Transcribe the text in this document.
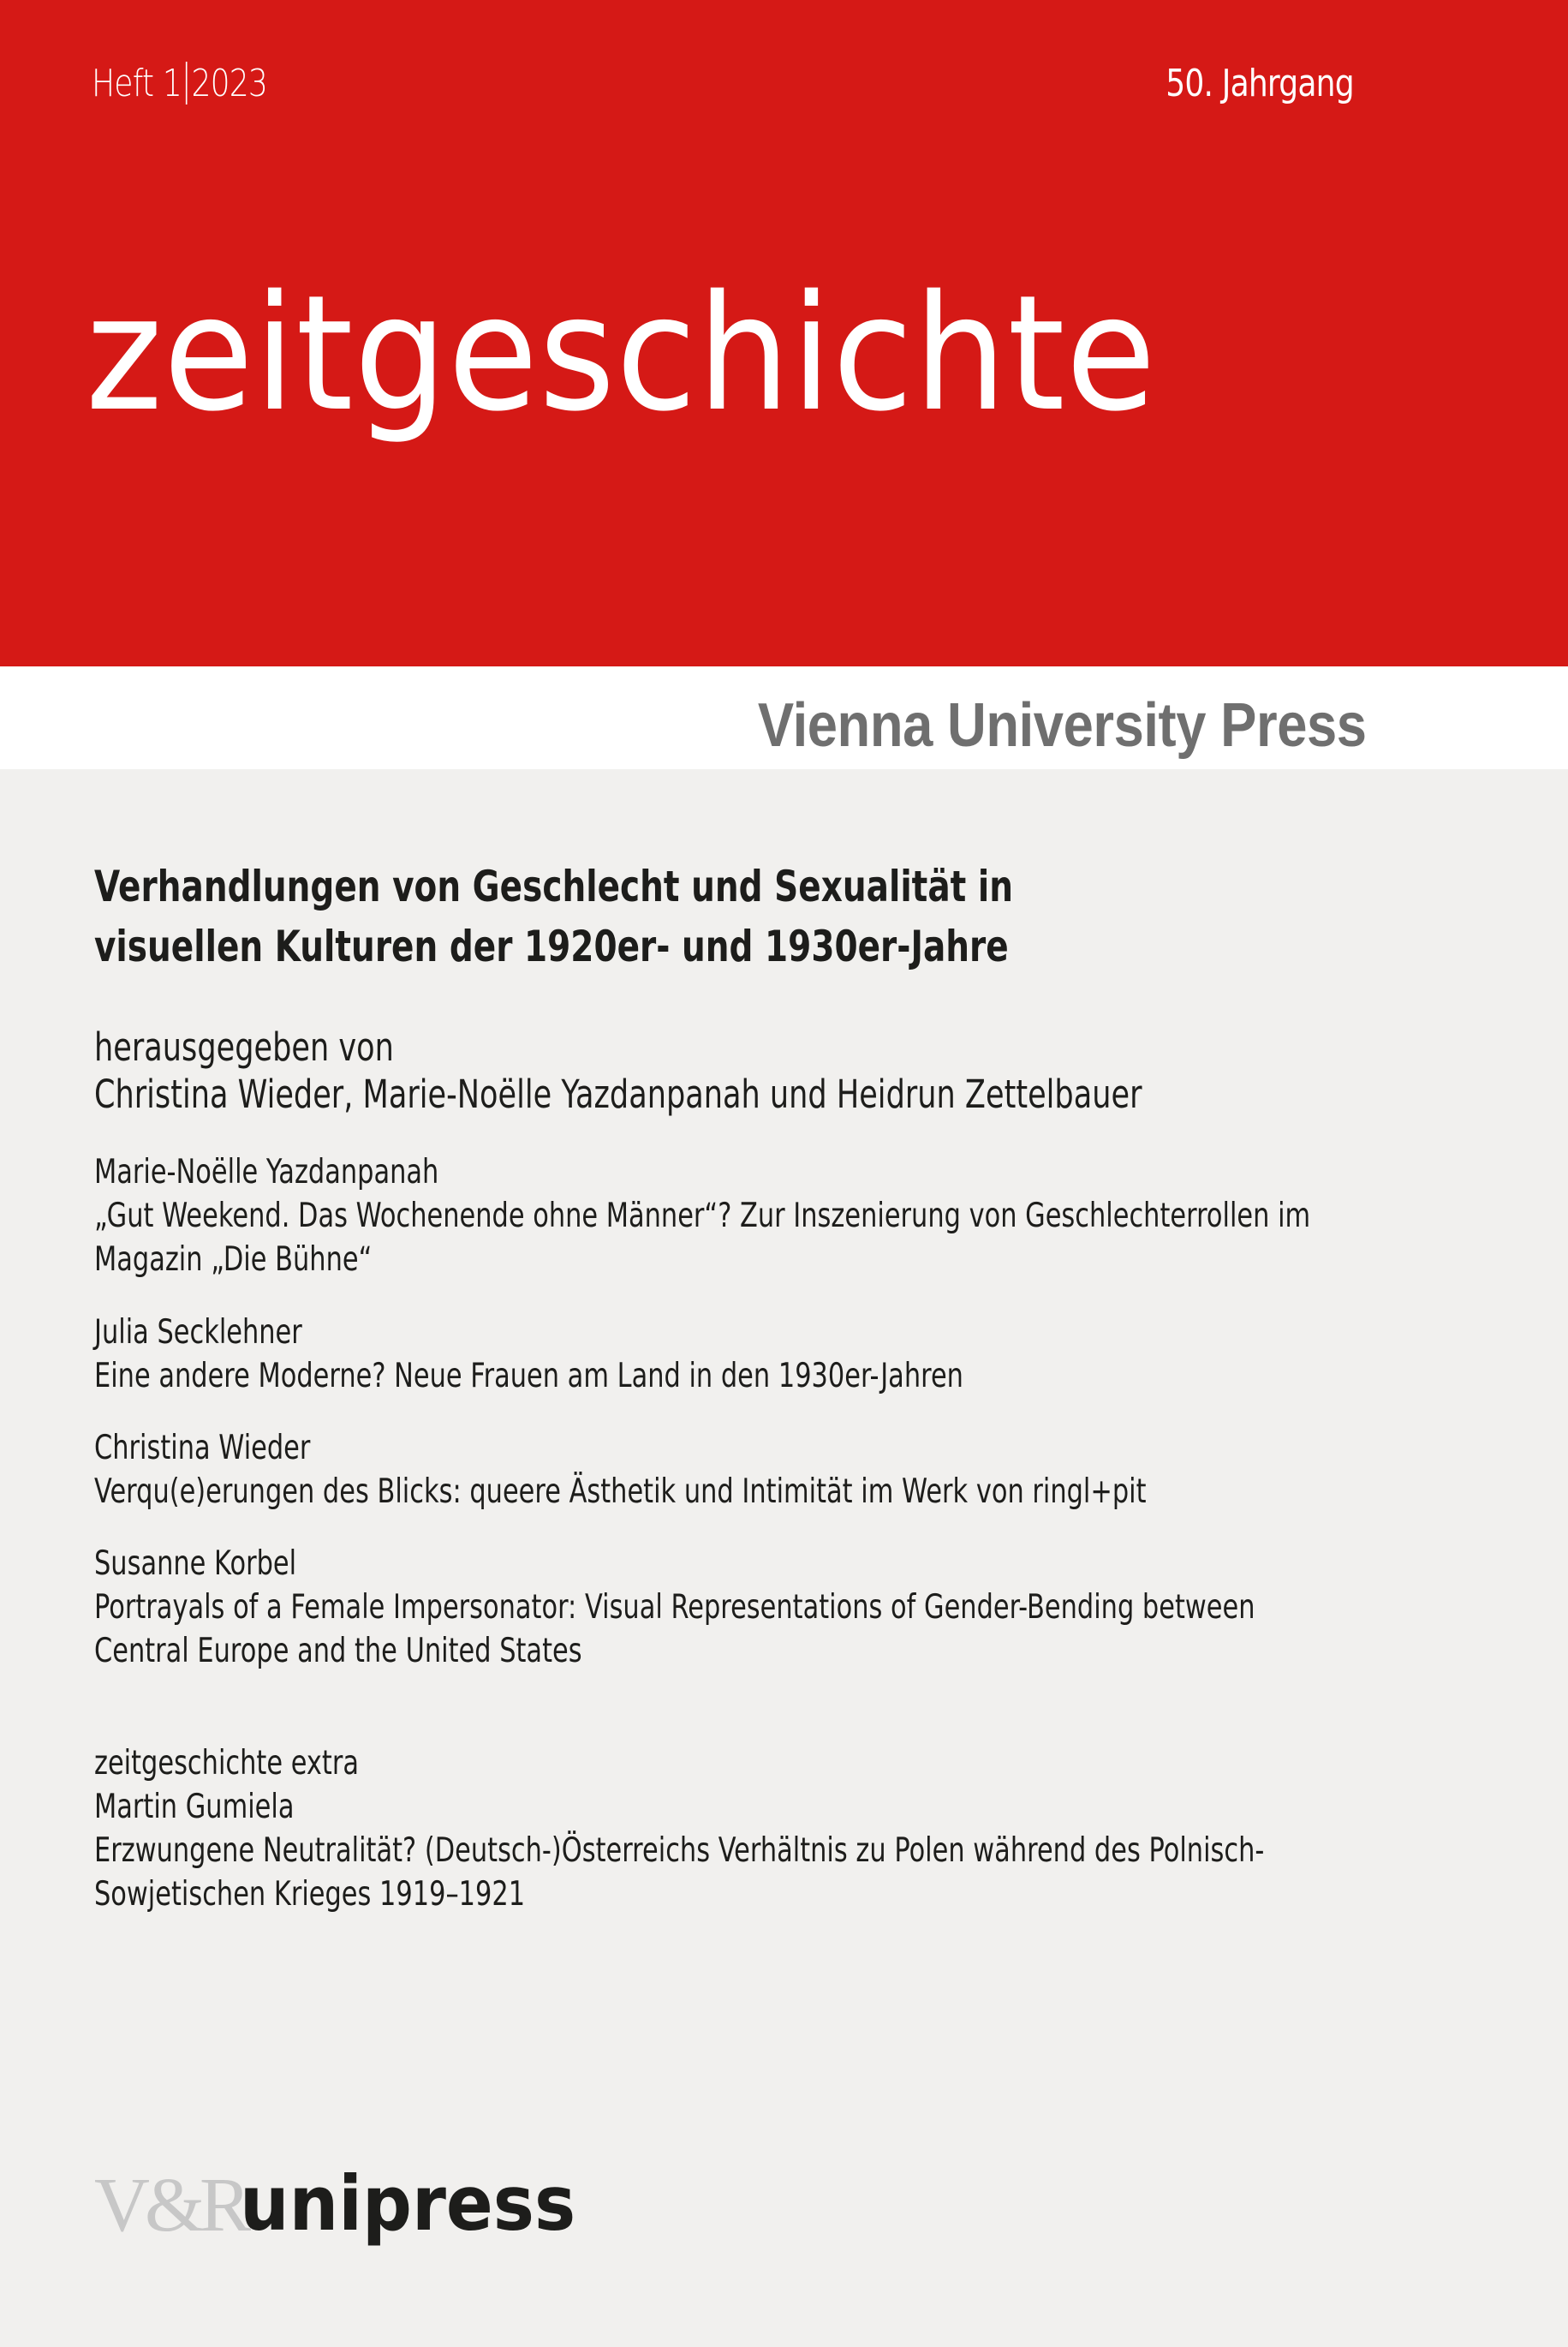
Heft 1 2023	50. Jahrgang
zeitgeschichte
Vienna University Press
Verhandlungen von Geschlecht und Sexualität in
visuellen Kulturen der 1920er- und 1930er-Jahre
herausgegeben von
Christina Wieder, Marie-Noëlle Yazdanpanah und Heidrun Zettelbauer
Marie-Noëlle Yazdanpanah
„Gut Weekend. Das Wochenende ohne Männer“? Zur Inszenierung von Geschlechterrollen im
Magazin „Die Bühne“
Julia Secklehner
Eine andere Moderne? Neue Frauen am Land in den 1930er-Jahren
Christina Wieder
Verqu(e)erungen des Blicks: queere Ästhetik und Intimität im Werk von ringl+pit
Susanne Korbel
Portrayals of a Female Impersonator: Visual Representations of Gender-Bending between
Central Europe and the United States
zeitgeschichte extra
Martin Gumiela
Erzwungene Neutralität? (Deutsch-)Österreichs Verhältnis zu Polen während des Polnisch-
Sowjetischen Krieges 1919–1921
V&R
unipress
